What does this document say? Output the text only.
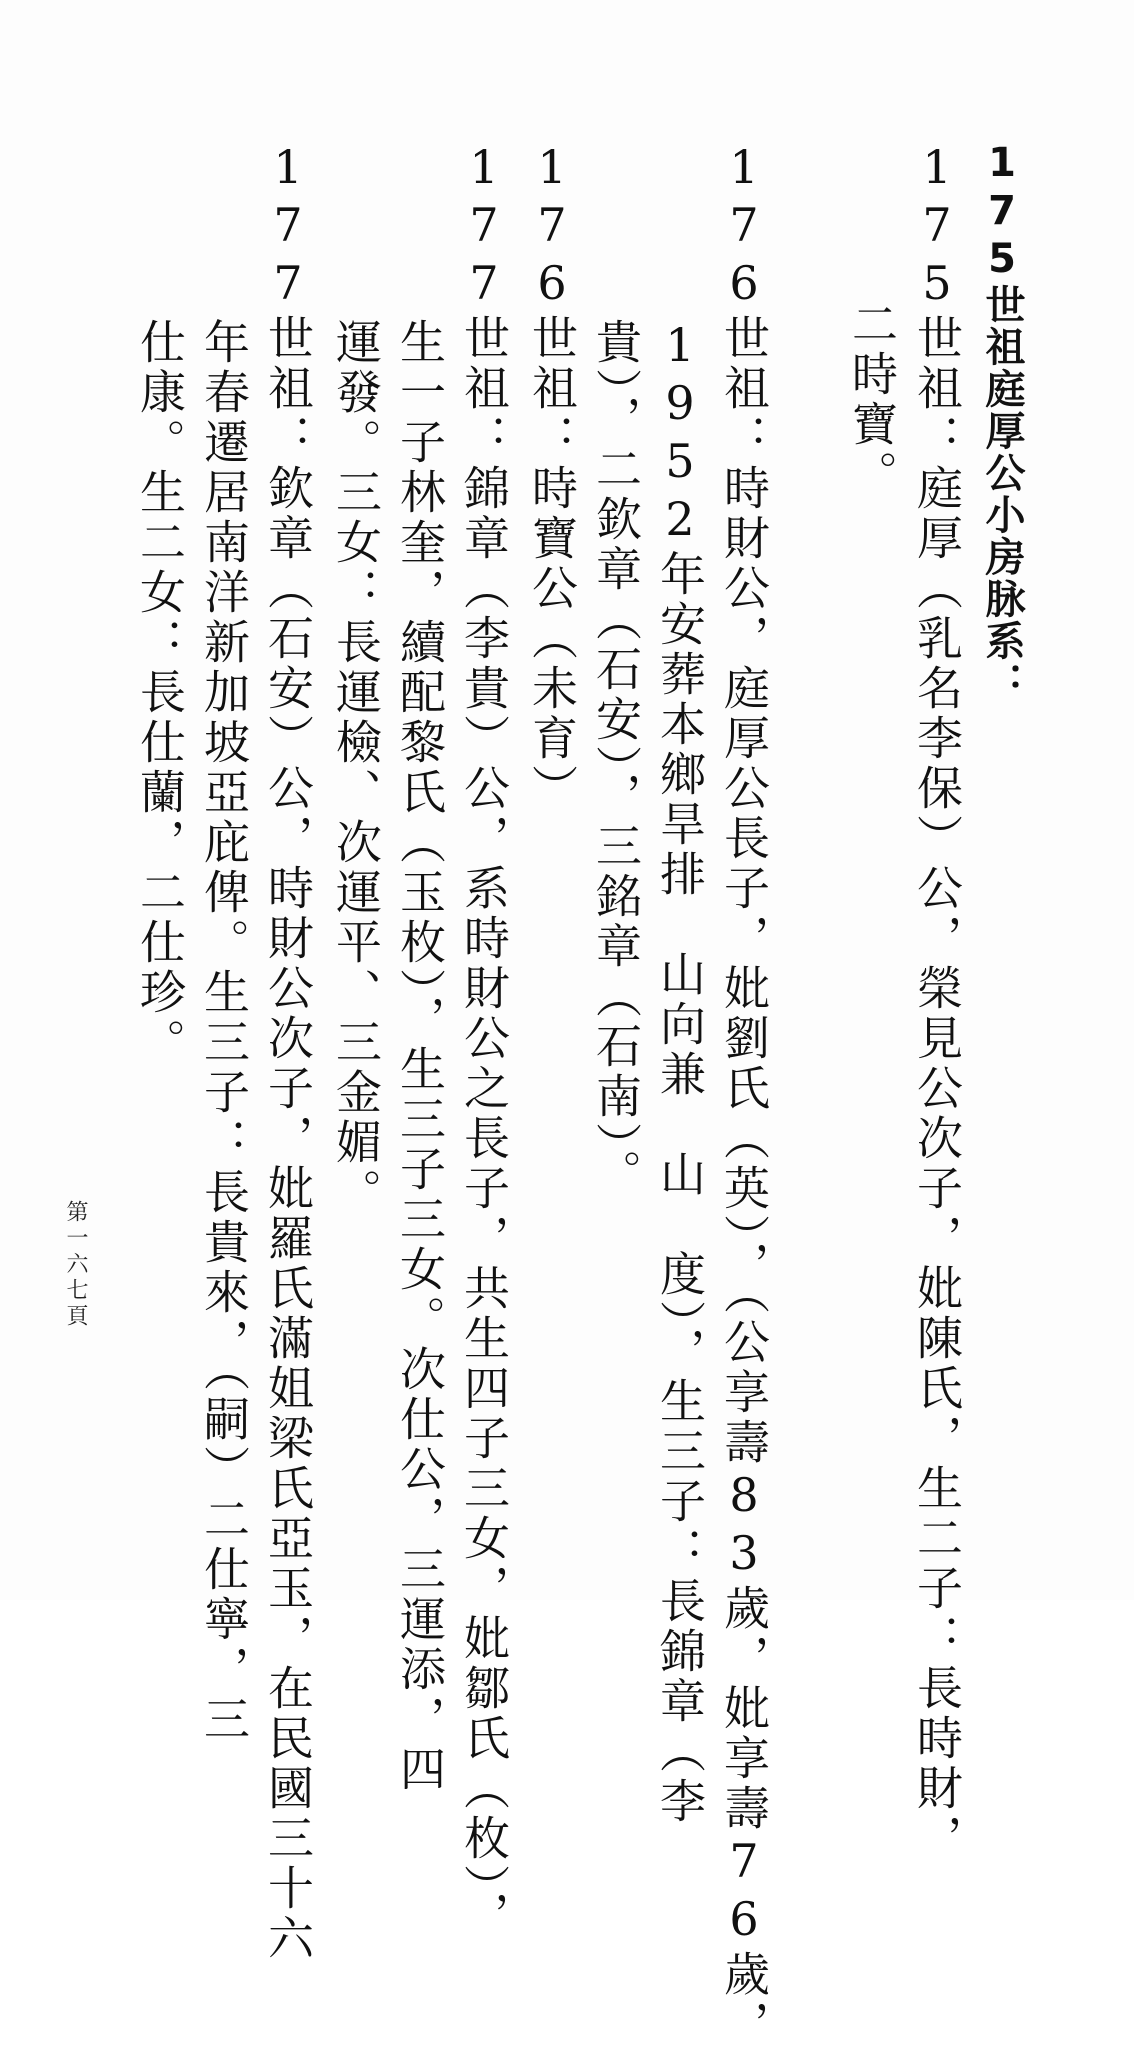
175世祖庭厚公小房脉系：
175世祖：庭厚（乳名李保）公，榮見公次子，妣陳氏，生二子：長時財，
二時寶。
176世祖：時財公，庭厚公長子，妣劉氏（英），（公享壽83歲，妣享壽76歲，
1952年安葬本鄉旱排　山向兼　山　度），生三子：長錦章（李
貴），二欽章（石安），三銘章（石南）。
176世祖：時寶公（未育）
177世祖：錦章（李貴）公，系時財公之長子，共生四子三女，妣鄒氏（枚），
生一子林奎，續配黎氏（玉枚），生三子三女。次仕公，三運添，四
運發。三女：長運檢、次運平、三金媚。
177世祖：欽章（石安）公，時財公次子，妣羅氏滿姐梁氏亞玉，在民國三十六
年春遷居南洋新加坡亞庇俾。生三子：長貴來，（嗣）二仕寧，三
仕康。生二女：長仕蘭，二仕珍。
第一六七頁
